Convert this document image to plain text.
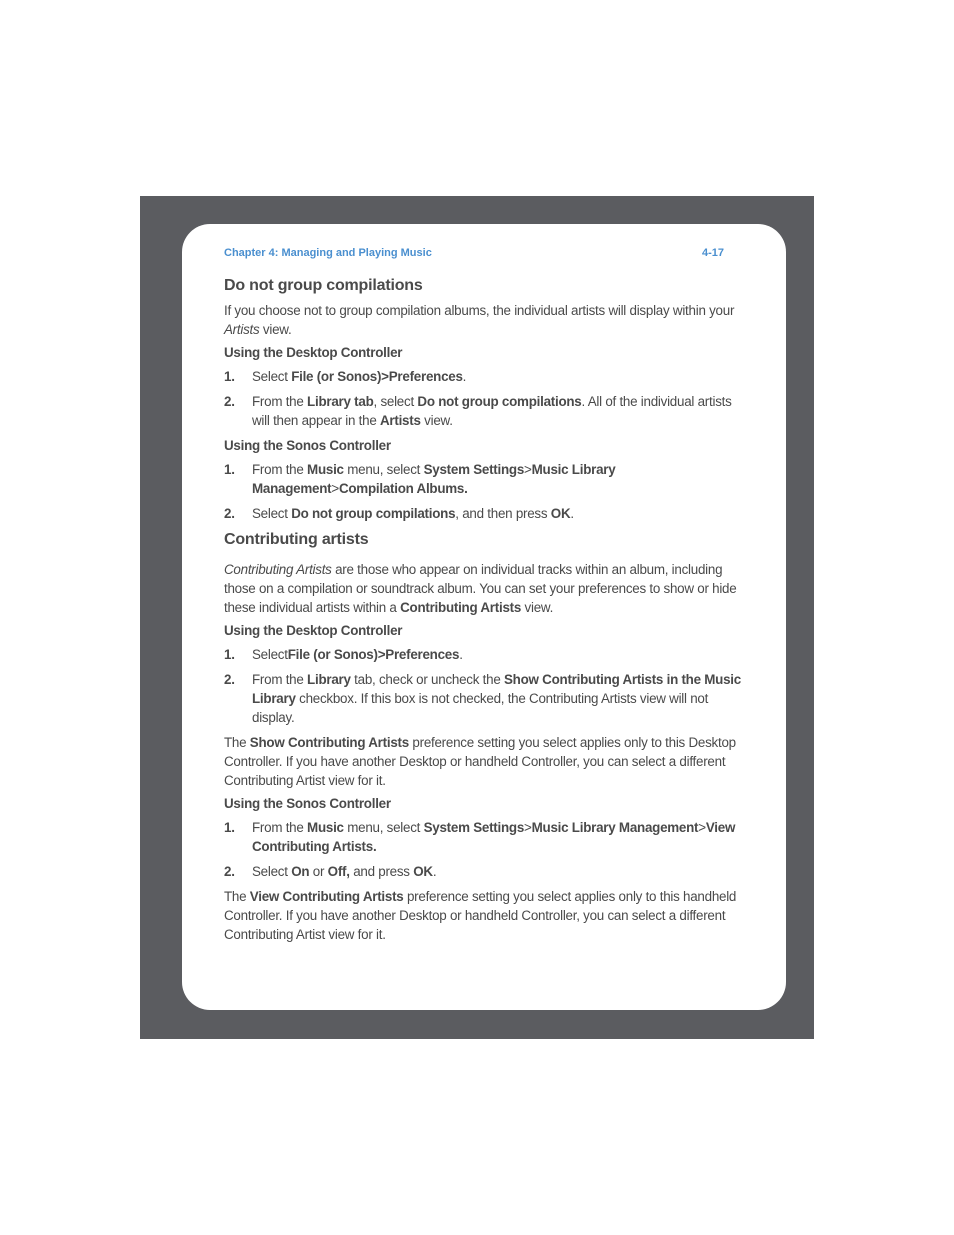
Chapter 4: Managing and Playing Music	4-17
Do not group compilations

If you choose not to group compilation albums, the individual artists will display within your Artists view.

Using the Desktop Controller
1. Select File (or Sonos)>Preferences.
2. From the Library tab, select Do not group compilations. All of the individual artists will then appear in the Artists view.
Using the Sonos Controller
1. From the Music menu, select System Settings>Music Library Management>Compilation Albums.
2. Select Do not group compilations, and then press OK.
Contributing artists

Contributing Artists are those who appear on individual tracks within an album, including those on a compilation or soundtrack album. You can set your preferences to show or hide these individual artists within a Contributing Artists view.

Using the Desktop Controller
1. SelectFile (or Sonos)>Preferences.
2. From the Library tab, check or uncheck the Show Contributing Artists in the Music Library checkbox. If this box is not checked, the Contributing Artists view will not display.

The Show Contributing Artists preference setting you select applies only to this Desktop Controller. If you have another Desktop or handheld Controller, you can select a different Contributing Artist view for it.

Using the Sonos Controller
1. From the Music menu, select System Settings>Music Library Management>View Contributing Artists.
2. Select On or Off, and press OK.

The View Contributing Artists preference setting you select applies only to this handheld Controller. If you have another Desktop or handheld Controller, you can select a different Contributing Artist view for it.
